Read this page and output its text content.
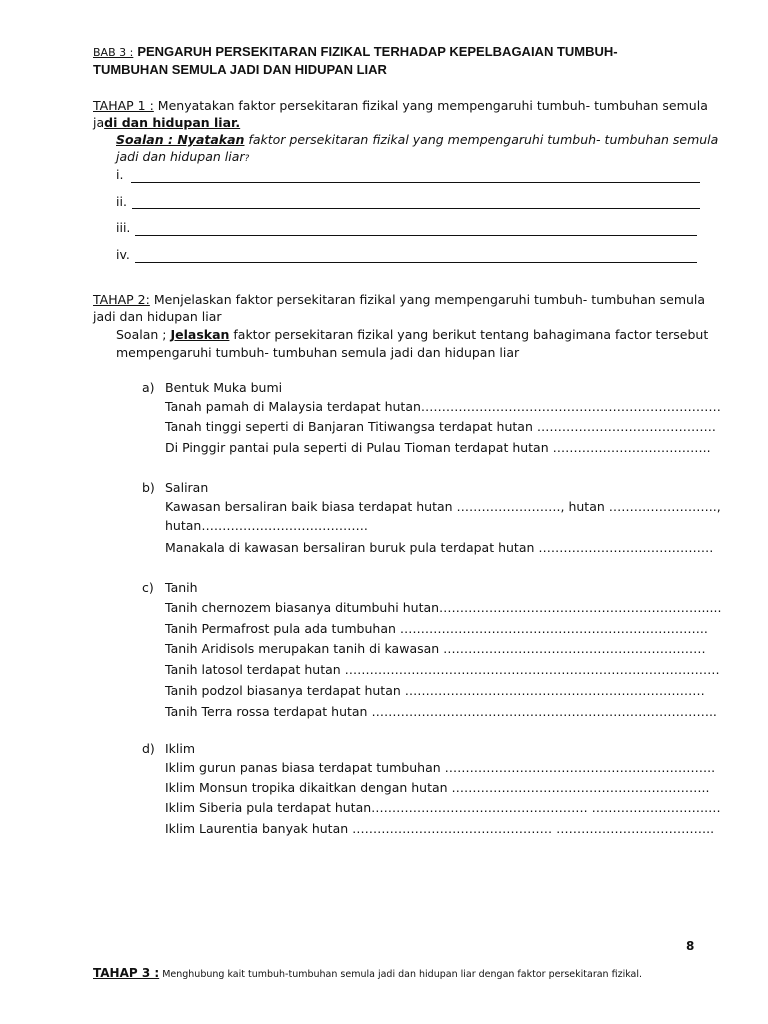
BAB 3 : PENGARUH PERSEKITARAN FIZIKAL TERHADAP KEPELBAGAIAN TUMBUH-
TUMBUHAN SEMULA JADI DAN HIDUPAN LIAR
TAHAP 1 : Menyatakan faktor persekitaran fizikal yang mempengaruhi tumbuh- tumbuhan semula
jadi dan hidupan liar.
Soalan : Nyatakan faktor persekitaran fizikal yang mempengaruhi tumbuh- tumbuhan semula
jadi dan hidupan liar?
i.
ii.
iii.
iv.
TAHAP 2: Menjelaskan faktor persekitaran fizikal yang mempengaruhi tumbuh- tumbuhan semula
jadi dan hidupan liar
Soalan ; Jelaskan faktor persekitaran fizikal yang berikut tentang bahagimana factor tersebut
mempengaruhi tumbuh- tumbuhan semula jadi dan hidupan liar
a) Bentuk Muka bumi
Tanah pamah di Malaysia terdapat hutan………………………………………………………………
Tanah tinggi seperti di Banjaran Titiwangsa terdapat hutan …………………………………….
Di Pinggir pantai pula seperti di Pulau Tioman terdapat hutan ………………………………..
b) Saliran
Kawasan bersaliran baik biasa terdapat hutan ……………………., hutan ……………………..,
hutan………………………………….
Manakala di kawasan bersaliran buruk pula terdapat hutan ……………………………………
c) Tanih
Tanih chernozem biasanya ditumbuhi hutan……………………………………………………….....
Tanih Permafrost pula ada tumbuhan ………………………………………………………………..
Tanih Aridisols merupakan tanih di kawasan ………………………………………………………
Tanih latosol terdapat hutan ………………………………………………………………………………
Tanih podzol biasanya terdapat hutan ………………………………………………………………
Tanih Terra rossa terdapat hutan ………………………………………………………………………..
d) Iklim
Iklim gurun panas biasa terdapat tumbuhan ………………………………………………………..
Iklim Monsun tropika dikaitkan dengan hutan ……………………………………………………..
Iklim Siberia pula terdapat hutan……………………………………………. ……………………….…
Iklim Laurentia banyak hutan ………………………………………… ………………………………..
8
TAHAP 3 : Menghubung kait tumbuh-tumbuhan semula jadi dan hidupan liar dengan faktor persekitaran fizikal.
